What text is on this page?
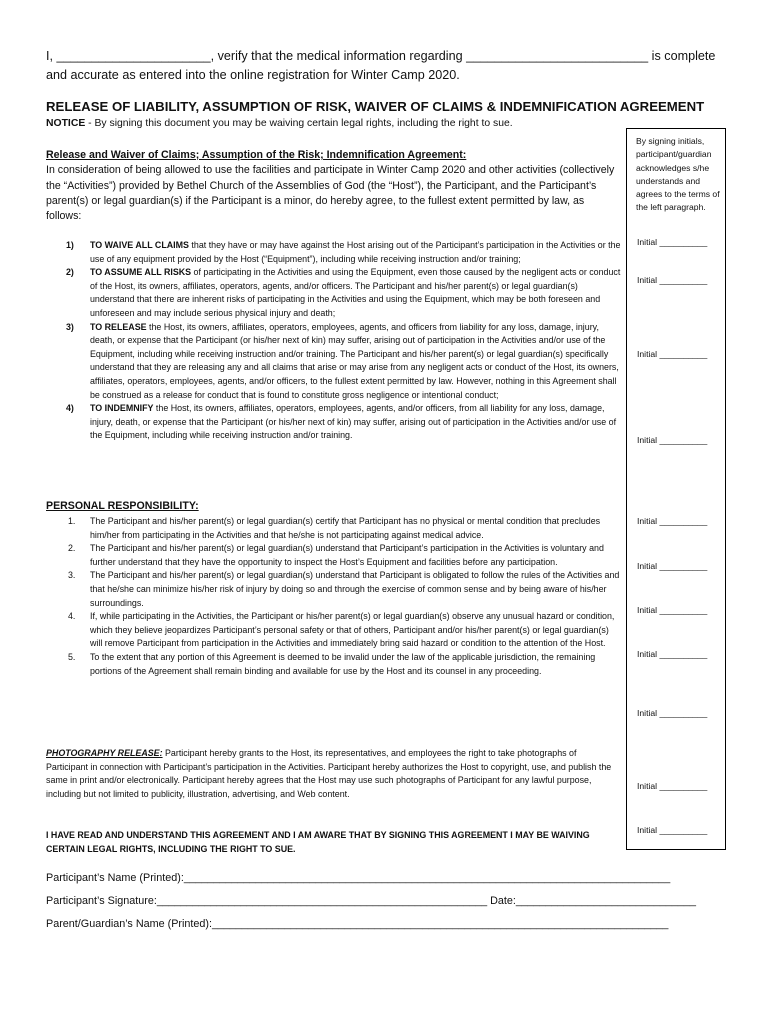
I, ______________________, verify that the medical information regarding __________________________ is complete
and accurate as entered into the online registration for Winter Camp 2020.
RELEASE OF LIABILITY, ASSUMPTION OF RISK, WAIVER OF CLAIMS & INDEMNIFICATION AGREEMENT
NOTICE - By signing this document you may be waiving certain legal rights, including the right to sue.
Release and Waiver of Claims; Assumption of the Risk; Indemnification Agreement:
In consideration of being allowed to use the facilities and participate in Winter Camp 2020 and other activities (collectively the “Activities”) provided by Bethel Church of the Assemblies of God (the “Host”), the Participant, and the Participant’s parent(s) or legal guardian(s) if the Participant is a minor, do hereby agree, to the fullest extent permitted by law, as follows:
1)	TO WAIVE ALL CLAIMS that they have or may have against the Host arising out of the Participant’s participation in the Activities or the use of any equipment provided by the Host (“Equipment”), including while receiving instruction and/or training;
2)	TO ASSUME ALL RISKS of participating in the Activities and using the Equipment, even those caused by the negligent acts or conduct of the Host, its owners, affiliates, operators, agents, and/or officers. The Participant and his/her parent(s) or legal guardian(s) understand that there are inherent risks of participating in the Activities and using the Equipment, which may be both foreseen and unforeseen and may include serious physical injury and death;
3)	TO RELEASE the Host, its owners, affiliates, operators, employees, agents, and officers from liability for any loss, damage, injury, death, or expense that the Participant (or his/her next of kin) may suffer, arising out of participation in the Activities and/or use of the Equipment, including while receiving instruction and/or training. The Participant and his/her parent(s) or legal guardian(s) specifically understand that they are releasing any and all claims that arise or may arise from any negligent acts or conduct of the Host, its owners, affiliates, operators, employees, agents, and/or officers, to the fullest extent permitted by law. However, nothing in this Agreement shall be construed as a release for conduct that is found to constitute gross negligence or intentional conduct;
4)	TO INDEMNIFY the Host, its owners, affiliates, operators, employees, agents, and/or officers, from all liability for any loss, damage, injury, death, or expense that the Participant (or his/her next of kin) may suffer, arising out of participation in the Activities and/or use of the Equipment, including while receiving instruction and/or training.
PERSONAL RESPONSIBILITY:
1.	The Participant and his/her parent(s) or legal guardian(s) certify that Participant has no physical or mental condition that precludes him/her from participating in the Activities and that he/she is not participating against medical advice.
2.	The Participant and his/her parent(s) or legal guardian(s) understand that Participant’s participation in the Activities is voluntary and further understand that they have the opportunity to inspect the Host’s Equipment and facilities before any participation.
3.	The Participant and his/her parent(s) or legal guardian(s) understand that Participant is obligated to follow the rules of the Activities and that he/she can minimize his/her risk of injury by doing so and through the exercise of common sense and by being aware of his/her surroundings.
4.	If, while participating in the Activities, the Participant or his/her parent(s) or legal guardian(s) observe any unusual hazard or condition, which they believe jeopardizes Participant’s personal safety or that of others, Participant and/or his/her parent(s) or legal guardian(s) will remove Participant from participation in the Activities and immediately bring said hazard or condition to the attention of the Host.
5.	To the extent that any portion of this Agreement is deemed to be invalid under the law of the applicable jurisdiction, the remaining portions of the Agreement shall remain binding and available for use by the Host and its counsel in any proceeding.
PHOTOGRAPHY RELEASE: Participant hereby grants to the Host, its representatives, and employees the right to take photographs of Participant in connection with Participant’s participation in the Activities. Participant hereby authorizes the Host to copyright, use, and publish the same in print and/or electronically. Participant hereby agrees that the Host may use such photographs of Participant for any lawful purpose, including but not limited to publicity, illustration, advertising, and Web content.
I HAVE READ AND UNDERSTAND THIS AGREEMENT AND I AM AWARE THAT BY SIGNING THIS AGREEMENT I MAY BE WAIVING CERTAIN LEGAL RIGHTS, INCLUDING THE RIGHT TO SUE.
Participant’s Name (Printed):_________________________________________________________________________________
Participant’s Signature:_______________________________________________________ Date:______________________________
Parent/Guardian’s Name (Printed):____________________________________________________________________________
By signing initials, participant/guardian acknowledges s/he understands and agrees to the terms of the left paragraph.
Initial __________
Initial __________
Initial __________
Initial __________
Initial __________
Initial __________
Initial __________
Initial __________
Initial __________
Initial __________
Initial __________
